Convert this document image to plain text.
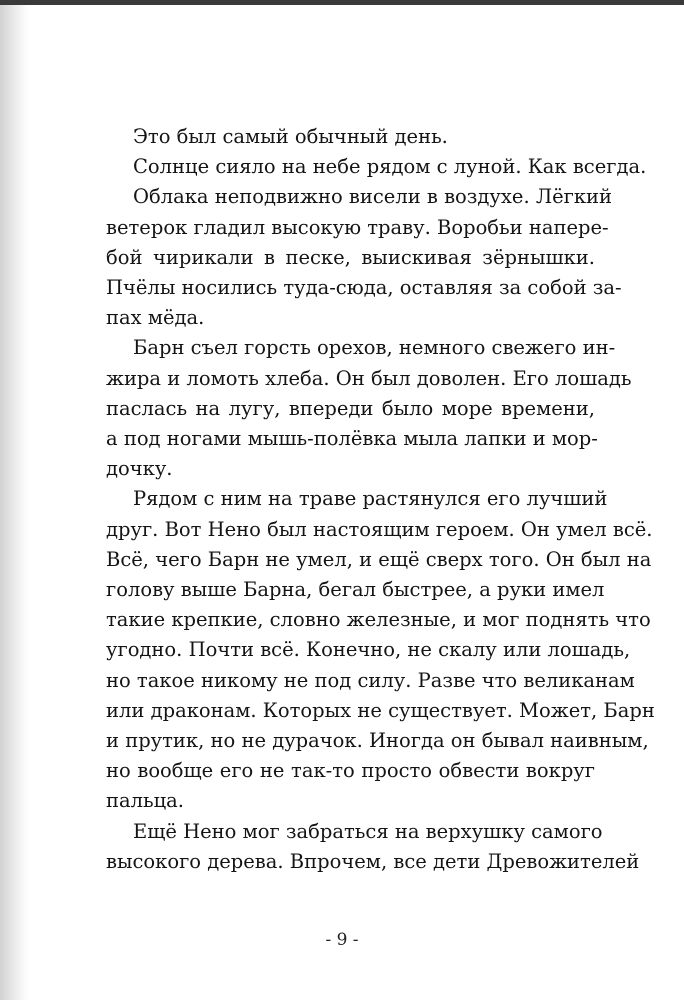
Это был самый обычный день.
Солнце сияло на небе рядом с луной. Как всегда.
Облака неподвижно висели в воздухе. Лёгкий
ветерок гладил высокую траву. Воробьи напере-
бой чирикали в песке, выискивая зёрнышки.
Пчёлы носились туда-сюда, оставляя за собой за-
пах мёда.
Барн съел горсть орехов, немного свежего ин-
жира и ломоть хлеба. Он был доволен. Его лошадь
паслась на лугу, впереди было море времени,
а под ногами мышь-полёвка мыла лапки и мор-
дочку.
Рядом с ним на траве растянулся его лучший
друг. Вот Нено был настоящим героем. Он умел всё.
Всё, чего Барн не умел, и ещё сверх того. Он был на
голову выше Барна, бегал быстрее, а руки имел
такие крепкие, словно железные, и мог поднять что
угодно. Почти всё. Конечно, не скалу или лошадь,
но такое никому не под силу. Разве что великанам
или драконам. Которых не существует. Может, Барн
и прутик, но не дурачок. Иногда он бывал наивным,
но вообще его не так-то просто обвести вокруг
пальца.
Ещё Нено мог забраться на верхушку самого
высокого дерева. Впрочем, все дети Древожителей
- 9 -
